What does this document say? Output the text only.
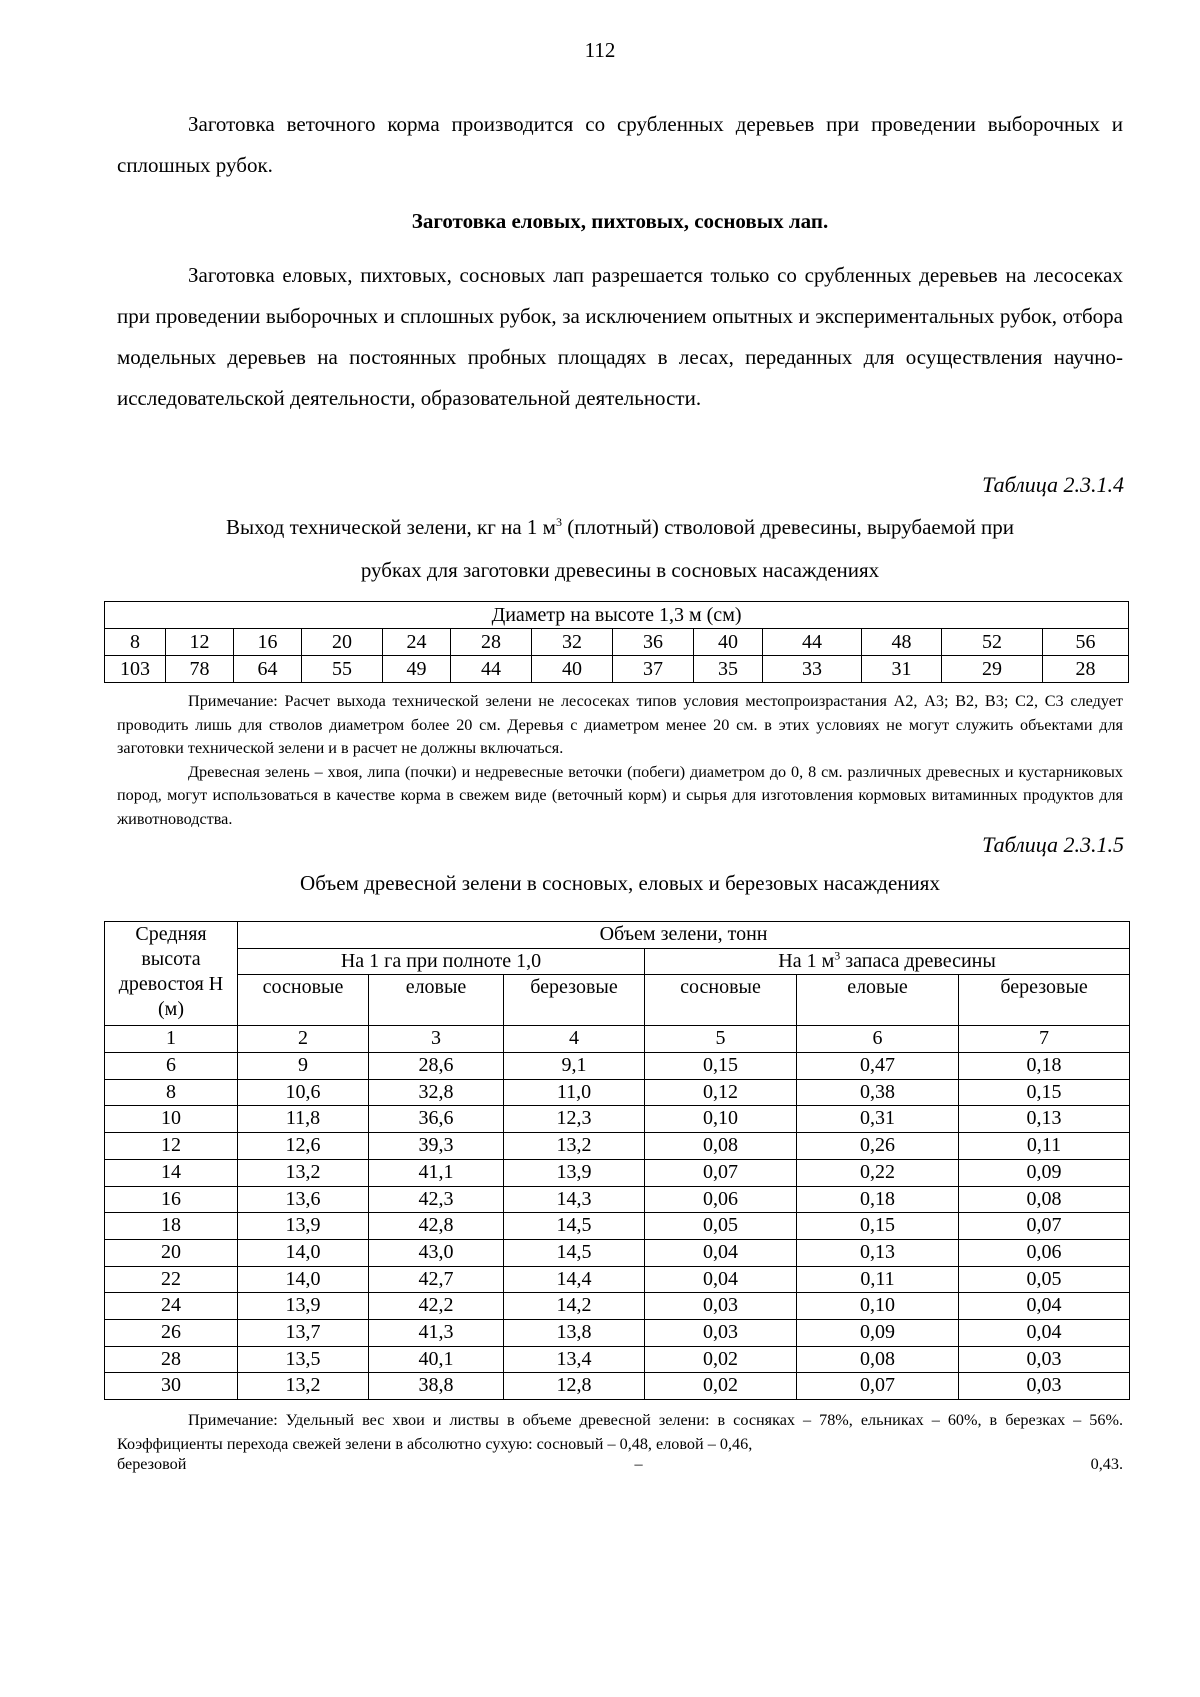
112

Заготовка веточного корма производится со срубленных деревьев при проведении выборочных и сплошных рубок.

Заготовка еловых, пихтовых, сосновых лап.

Заготовка еловых, пихтовых, сосновых лап разрешается только со срубленных деревьев на лесосеках при проведении выборочных и сплошных рубок, за исключением опытных и экспериментальных рубок, отбора модельных деревьев на постоянных пробных площадях в лесах, переданных для осуществления научно-исследовательской деятельности, образовательной деятельности.

Таблица 2.3.1.4
Выход технической зелени, кг на 1 $м^3$ (плотный) стволовой древесины, вырубаемой при
рубках для заготовки древесины в сосновых насаждениях
Диаметр на высоте 1,3 м (см)												
8	12	16	20	24	28	32	36	40	44	48	52	56
103	78	64	55	49	44	40	37	35	33	31	29	28

Примечание: Расчет выхода технической зелени не лесосеках типов условия местопроизрастания А2, А3; В2, В3; С2, С3 следует проводить лишь для стволов диаметром более 20 см. Деревья с диаметром менее 20 см. в этих условиях не могут служить объектами для заготовки технической зелени и в расчет не должны включаться.

Древесная зелень – хвоя, липа (почки) и недревесные веточки (побеги) диаметром до 0, 8 см. различных древесных и кустарниковых пород, могут использоваться в качестве корма в свежем виде (веточный корм) и сырья для изготовления кормовых витаминных продуктов для животноводства.

Таблица 2.3.1.5
Объем древесной зелени в сосновых, еловых и березовых насаждениях
Средняя высота древостоя Н (м)	Объем зелени, тонн					
	На 1 га при полноте 1,0			На 1 $м^3$ запаса древесины		
	сосновые	еловые	березовые	сосновые	еловые	березовые
1	2	3	4	5	6	7
6	9	28,6	9,1	0,15	0,47	0,18
8	10,6	32,8	11,0	0,12	0,38	0,15
10	11,8	36,6	12,3	0,10	0,31	0,13
12	12,6	39,3	13,2	0,08	0,26	0,11
14	13,2	41,1	13,9	0,07	0,22	0,09
16	13,6	42,3	14,3	0,06	0,18	0,08
18	13,9	42,8	14,5	0,05	0,15	0,07
20	14,0	43,0	14,5	0,04	0,13	0,06
22	14,0	42,7	14,4	0,04	0,11	0,05
24	13,9	42,2	14,2	0,03	0,10	0,04
26	13,7	41,3	13,8	0,03	0,09	0,04
28	13,5	40,1	13,4	0,02	0,08	0,03
30	13,2	38,8	12,8	0,02	0,07	0,03

Примечание: Удельный вес хвои и листвы в объеме древесной зелени: в сосняках – 78%, ельниках – 60%, в березках – 56%. Коэффициенты перехода свежей зелени в абсолютно сухую: сосновый – 0,48, еловой – 0,46,

березовой	–	0,43.
